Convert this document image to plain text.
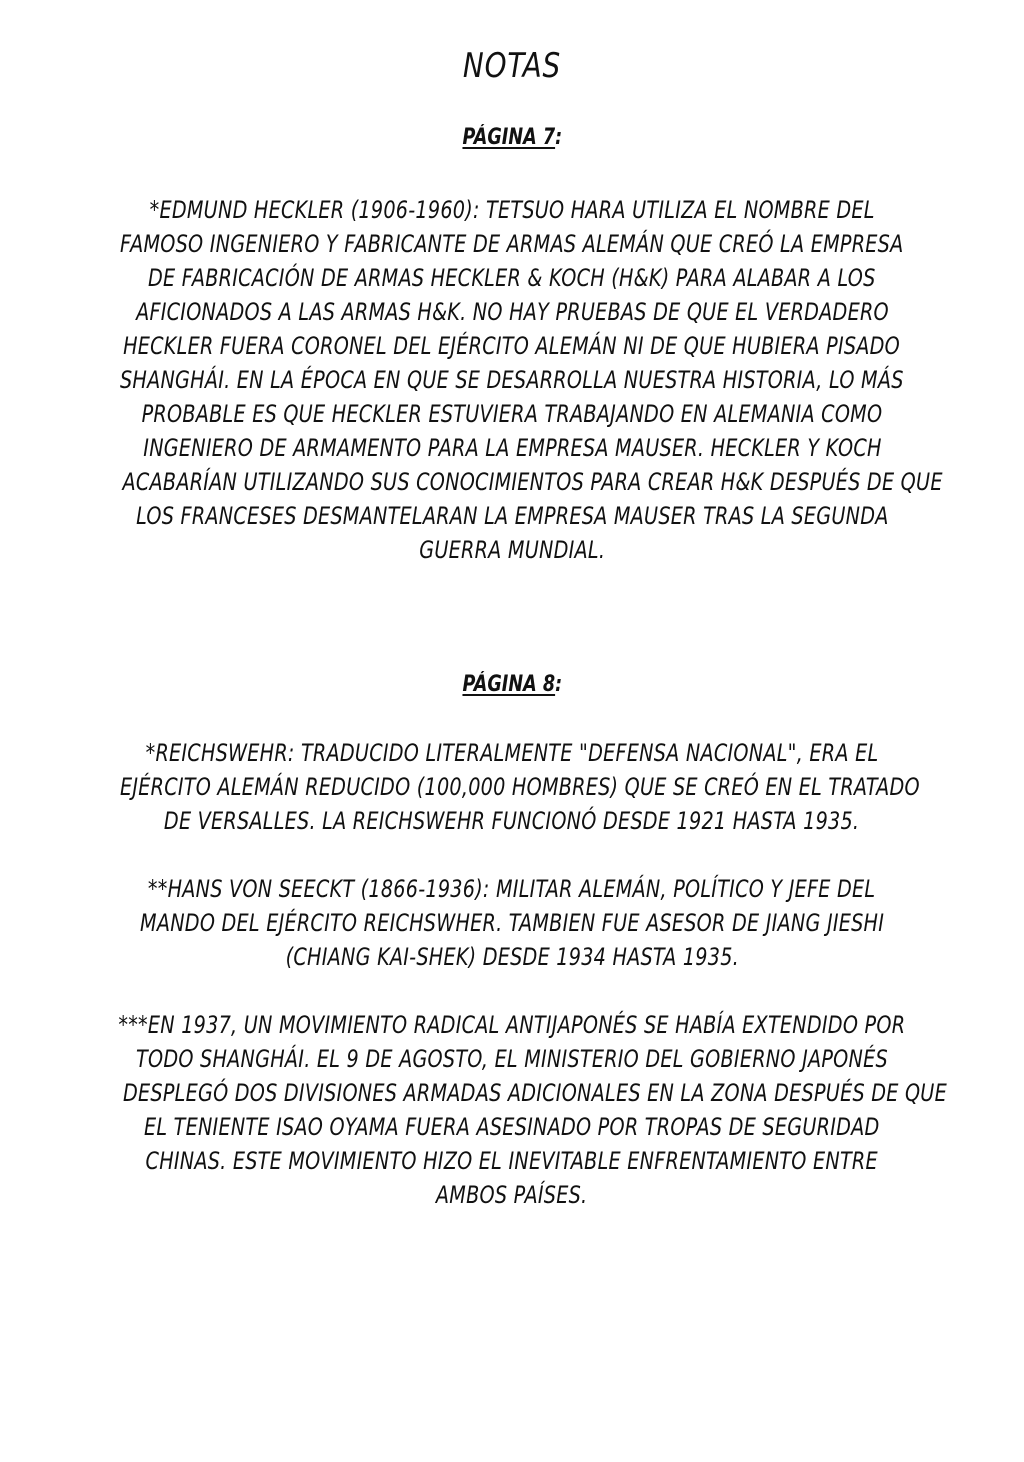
NOTAS
PÁGINA 7:
*EDMUND HECKLER (1906-1960): TETSUO HARA UTILIZA EL NOMBRE DEL
FAMOSO INGENIERO Y FABRICANTE DE ARMAS ALEMÁN QUE CREÓ LA EMPRESA
DE FABRICACIÓN DE ARMAS HECKLER & KOCH (H&K) PARA ALABAR A LOS
AFICIONADOS A LAS ARMAS H&K. NO HAY PRUEBAS DE QUE EL VERDADERO
HECKLER FUERA CORONEL DEL EJÉRCITO ALEMÁN NI DE QUE HUBIERA PISADO
SHANGHÁI. EN LA ÉPOCA EN QUE SE DESARROLLA NUESTRA HISTORIA, LO MÁS
PROBABLE ES QUE HECKLER ESTUVIERA TRABAJANDO EN ALEMANIA COMO
INGENIERO DE ARMAMENTO PARA LA EMPRESA MAUSER. HECKLER Y KOCH
ACABARÍAN UTILIZANDO SUS CONOCIMIENTOS PARA CREAR H&K DESPUÉS DE QUE
LOS FRANCESES DESMANTELARAN LA EMPRESA MAUSER TRAS LA SEGUNDA
GUERRA MUNDIAL.
PÁGINA 8:
*REICHSWEHR: TRADUCIDO LITERALMENTE "DEFENSA NACIONAL", ERA EL
EJÉRCITO ALEMÁN REDUCIDO (100,000 HOMBRES) QUE SE CREÓ EN EL TRATADO
DE VERSALLES. LA REICHSWEHR FUNCIONÓ DESDE 1921 HASTA 1935.
**HANS VON SEECKT (1866-1936): MILITAR ALEMÁN, POLÍTICO Y JEFE DEL
MANDO DEL EJÉRCITO REICHSWHER. TAMBIEN FUE ASESOR DE JIANG JIESHI
(CHIANG KAI-SHEK) DESDE 1934 HASTA 1935.
***EN 1937, UN MOVIMIENTO RADICAL ANTIJAPONÉS SE HABÍA EXTENDIDO POR
TODO SHANGHÁI. EL 9 DE AGOSTO, EL MINISTERIO DEL GOBIERNO JAPONÉS
DESPLEGÓ DOS DIVISIONES ARMADAS ADICIONALES EN LA ZONA DESPUÉS DE QUE
EL TENIENTE ISAO OYAMA FUERA ASESINADO POR TROPAS DE SEGURIDAD
CHINAS. ESTE MOVIMIENTO HIZO EL INEVITABLE ENFRENTAMIENTO ENTRE
AMBOS PAÍSES.
